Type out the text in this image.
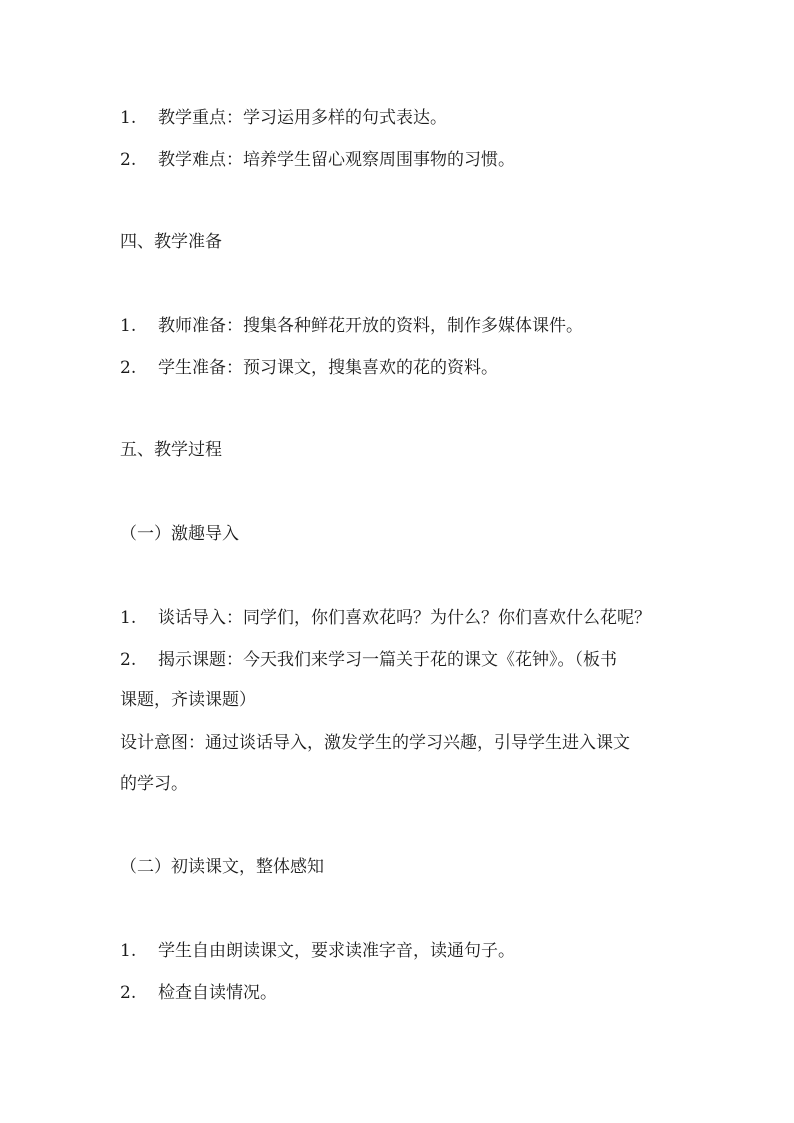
1. 教学重点：学习运用多样的句式表达。
2. 教学难点：培养学生留心观察周围事物的习惯。
四、教学准备
1. 教师准备：搜集各种鲜花开放的资料，制作多媒体课件。
2. 学生准备：预习课文，搜集喜欢的花的资料。
五、教学过程
（一）激趣导入
1. 谈话导入：同学们，你们喜欢花吗？为什么？你们喜欢什么花呢？
2. 揭示课题：今天我们来学习一篇关于花的课文《花钟》。（板书
课题，齐读课题）
设计意图：通过谈话导入，激发学生的学习兴趣，引导学生进入课文
的学习。
（二）初读课文，整体感知
1. 学生自由朗读课文，要求读准字音，读通句子。
2. 检查自读情况。
